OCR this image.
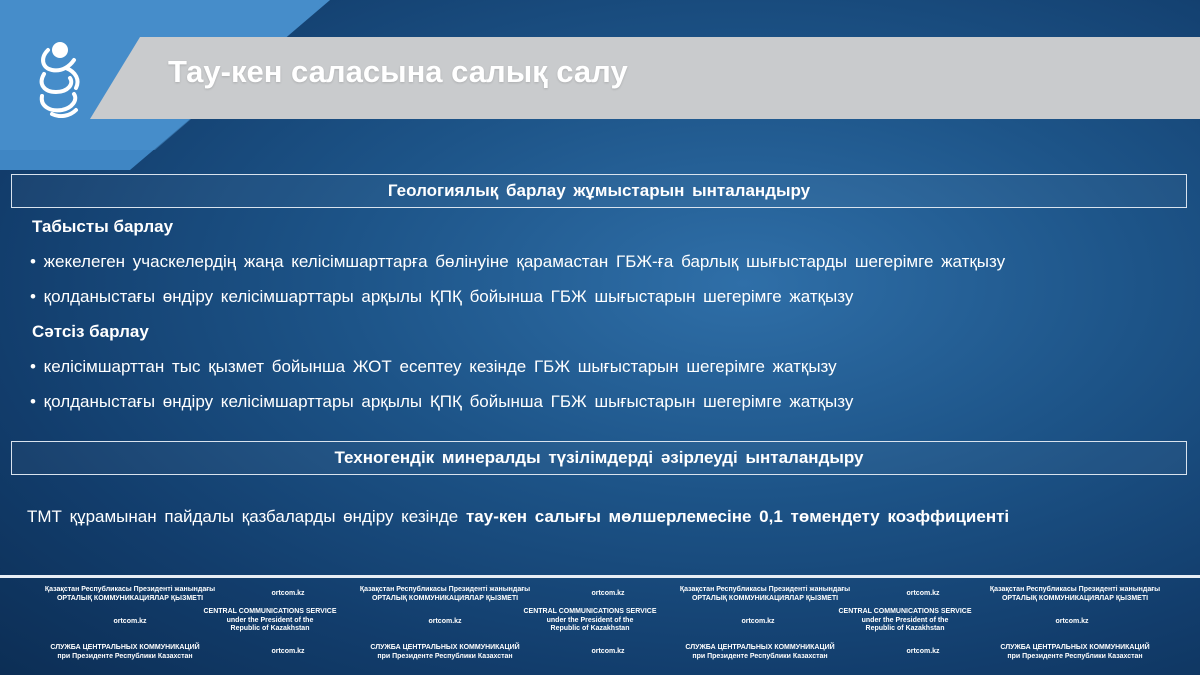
Тау-кен саласына салық салу
Геологиялық барлау жұмыстарын ынталандыру
Табысты барлау
• жекелеген учаскелердің жаңа келісімшарттарға бөлінуіне қарамастан ГБЖ-ға барлық шығыстарды шегерімге жатқызу
• қолданыстағы өндіру келісімшарттары арқылы ҚПҚ бойынша ГБЖ шығыстарын шегерімге жатқызу
Сәтсіз барлау
• келісімшарттан тыс қызмет бойынша ЖОТ есептеу кезінде ГБЖ шығыстарын шегерімге жатқызу
• қолданыстағы өндіру келісімшарттары арқылы ҚПҚ бойынша ГБЖ шығыстарын шегерімге жатқызу
Техногендік минералды түзілімдерді әзірлеуді ынталандыру
ТМТ құрамынан пайдалы қазбаларды өндіру кезінде тау-кен салығы мөлшерлемесіне 0,1 төмендету коэффициенті
Қазақстан Республикасы Президенті жанындағы
ОРТАЛЫҚ КОММУНИКАЦИЯЛАР ҚЫЗМЕТІ
ortcom.kz
Қазақстан Республикасы Президенті жанындағы
ОРТАЛЫҚ КОММУНИКАЦИЯЛАР ҚЫЗМЕТІ
ortcom.kz
Қазақстан Республикасы Президенті жанындағы
ОРТАЛЫҚ КОММУНИКАЦИЯЛАР ҚЫЗМЕТІ
ortcom.kz
Қазақстан Республикасы Президенті жанындағы
ОРТАЛЫҚ КОММУНИКАЦИЯЛАР ҚЫЗМЕТІ
ortcom.kz
CENTRAL COMMUNICATIONS SERVICE
under the President of the
Republic of Kazakhstan
ortcom.kz
CENTRAL COMMUNICATIONS SERVICE
under the President of the
Republic of Kazakhstan
ortcom.kz
CENTRAL COMMUNICATIONS SERVICE
under the President of the
Republic of Kazakhstan
ortcom.kz
СЛУЖБА ЦЕНТРАЛЬНЫХ КОММУНИКАЦИЙ
при Президенте Республики Казахстан
ortcom.kz
СЛУЖБА ЦЕНТРАЛЬНЫХ КОММУНИКАЦИЙ
при Президенте Республики Казахстан
ortcom.kz
СЛУЖБА ЦЕНТРАЛЬНЫХ КОММУНИКАЦИЙ
при Президенте Республики Казахстан
ortcom.kz
СЛУЖБА ЦЕНТРАЛЬНЫХ КОММУНИКАЦИЙ
при Президенте Республики Казахстан
